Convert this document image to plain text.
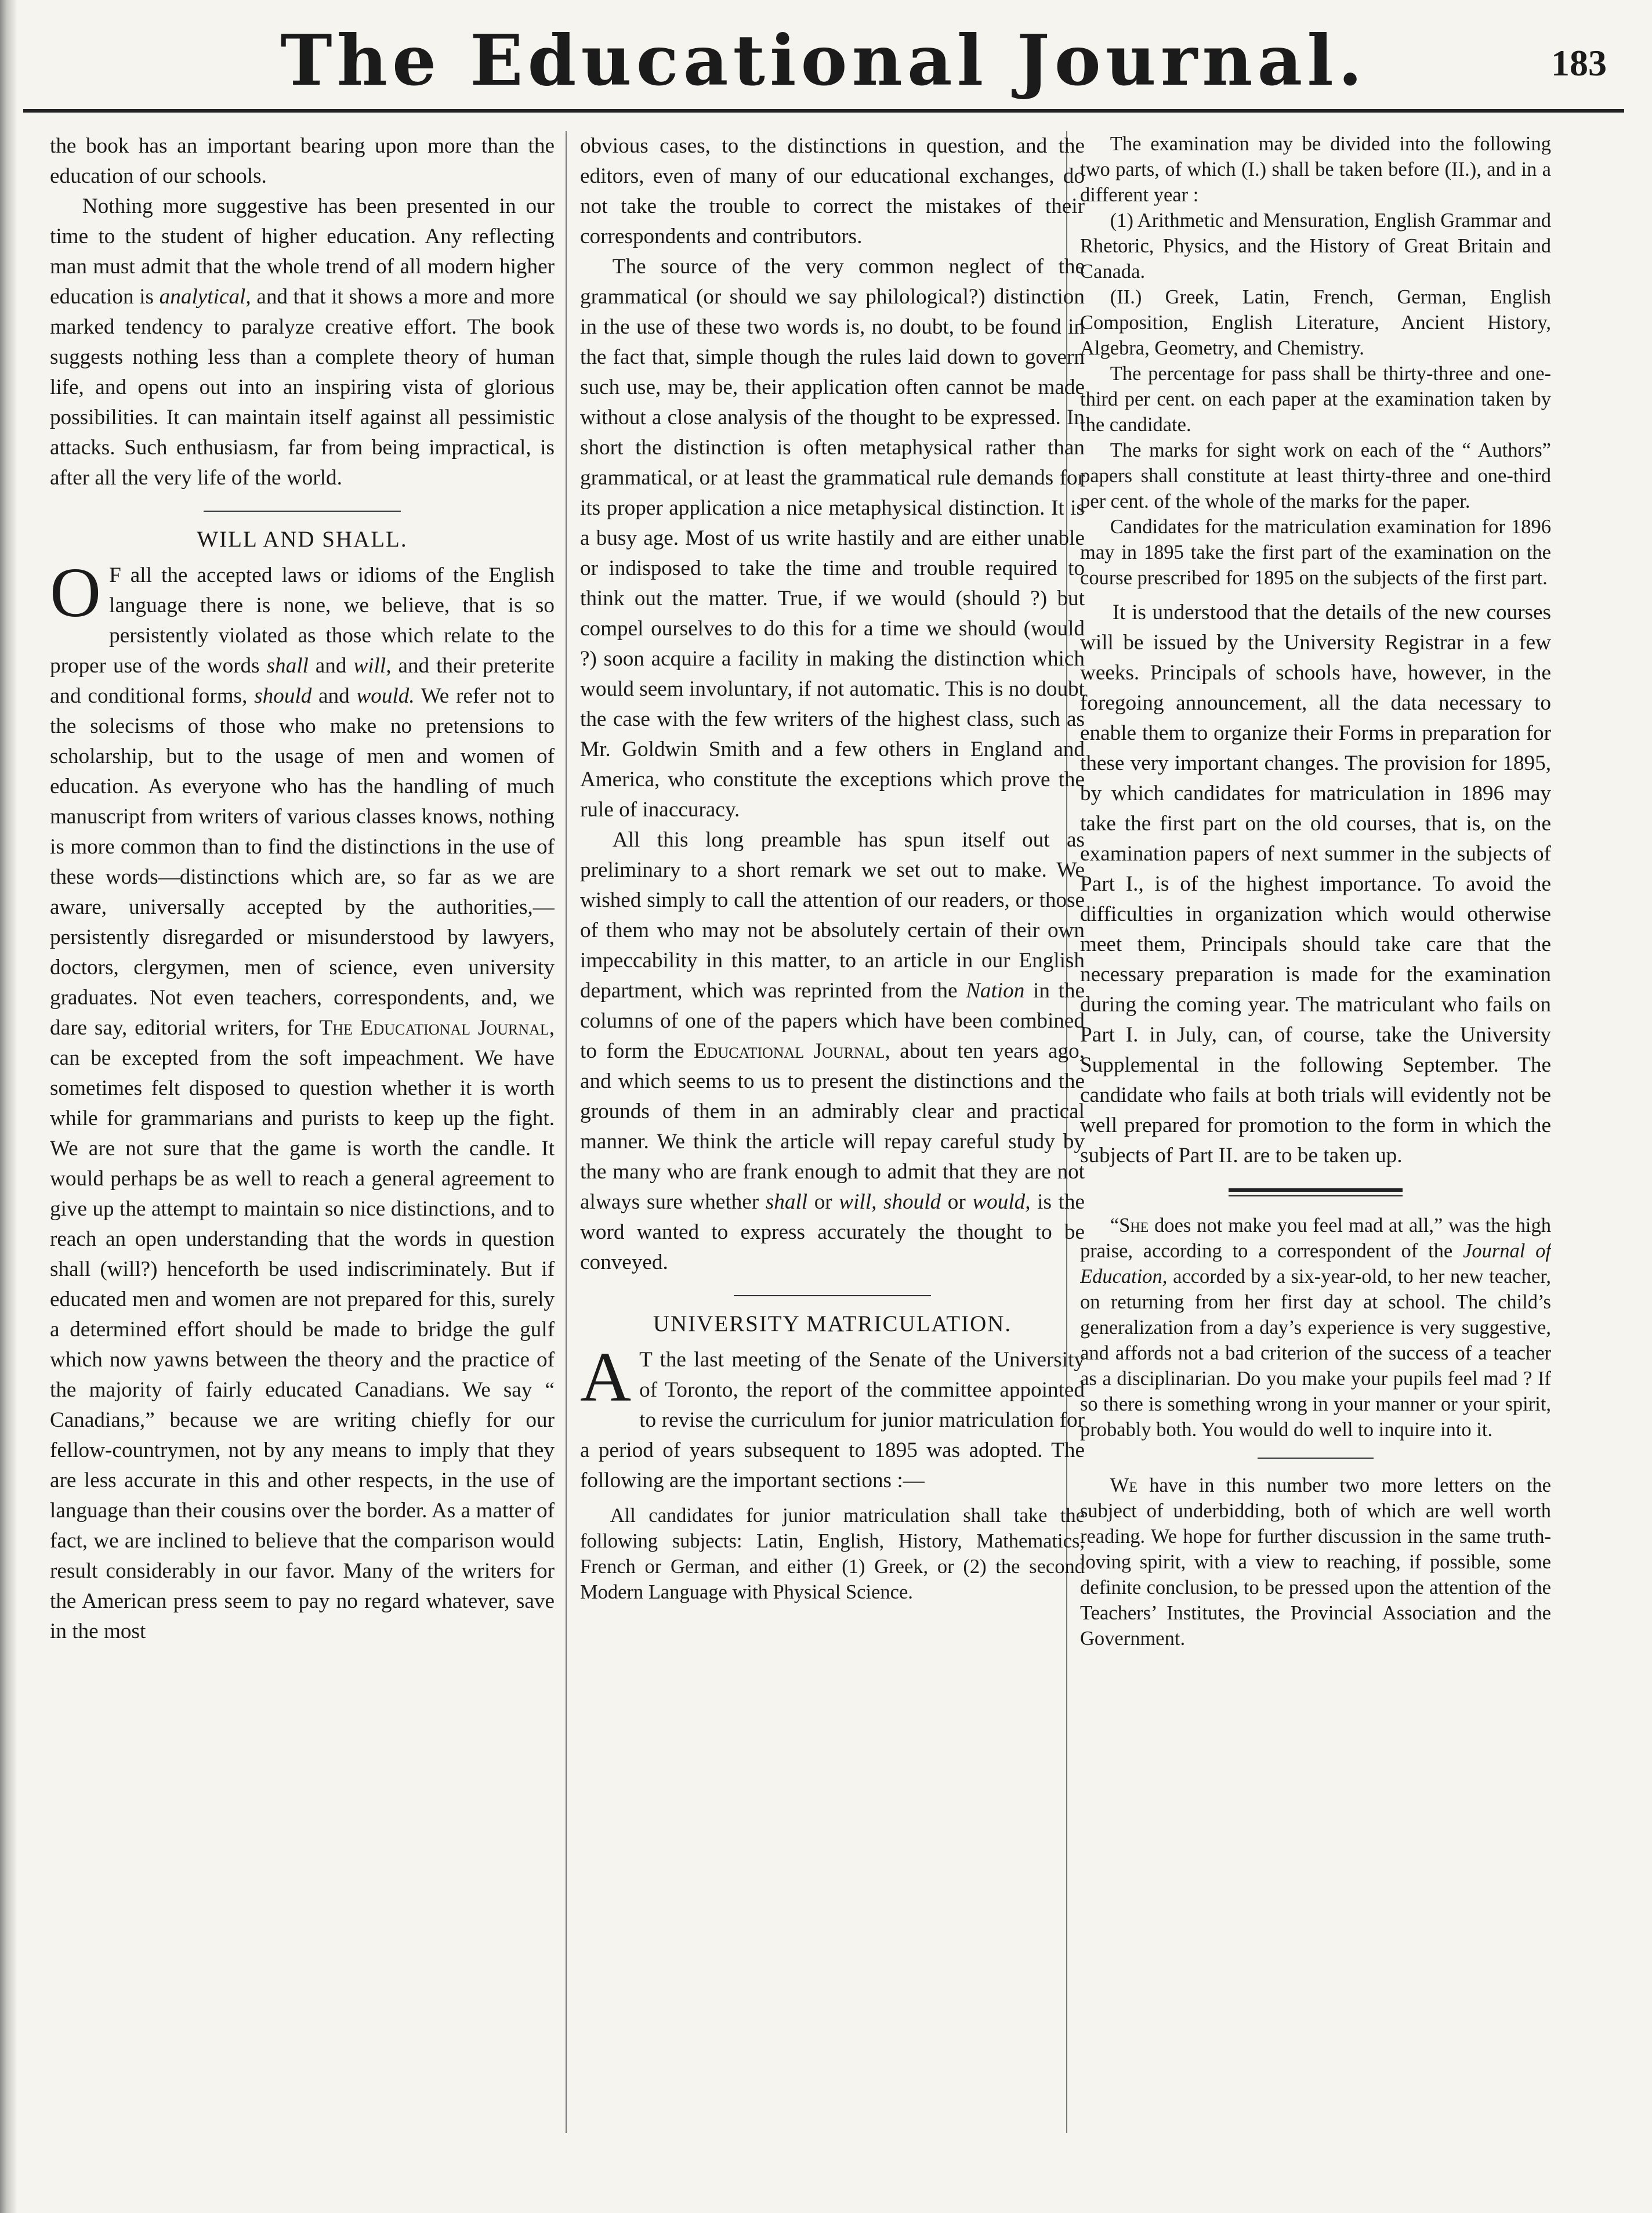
The Educational Journal.	183

the book has an important bearing upon more than the education of our schools.

Nothing more suggestive has been presented in our time to the student of higher education. Any reflecting man must admit that the whole trend of all modern higher education is analytical, and that it shows a more and more marked tendency to paralyze creative effort. The book suggests nothing less than a complete theory of human life, and opens out into an inspiring vista of glorious possibilities. It can maintain itself against all pessimistic attacks. Such enthusiasm, far from being impractical, is after all the very life of the world.

WILL AND SHALL.

O F all the accepted laws or idioms of the English language there is none, we believe, that is so persistently violated as those which relate to the proper use of the words shall and will, and their preterite and conditional forms, should and would. We refer not to the solecisms of those who make no pretensions to scholarship, but to the usage of men and women of education. As everyone who has the handling of much manuscript from writers of various classes knows, nothing is more common than to find the distinctions in the use of these words—distinctions which are, so far as we are aware, universally accepted by the authorities,—persistently disregarded or misunderstood by lawyers, doctors, clergymen, men of science, even university graduates. Not even teachers, correspondents, and, we dare say, editorial writers, for The Educational Journal, can be excepted from the soft impeachment. We have sometimes felt disposed to question whether it is worth while for grammarians and purists to keep up the fight. We are not sure that the game is worth the candle. It would perhaps be as well to reach a general agreement to give up the attempt to maintain so nice distinctions, and to reach an open understanding that the words in question shall (will?) henceforth be used indiscriminately. But if educated men and women are not prepared for this, surely a determined effort should be made to bridge the gulf which now yawns between the theory and the practice of the majority of fairly educated Canadians. We say “ Canadians,” because we are writing chiefly for our fellow-countrymen, not by any means to imply that they are less accurate in this and other respects, in the use of language than their cousins over the border. As a matter of fact, we are inclined to believe that the comparison would result considerably in our favor. Many of the writers for the American press seem to pay no regard whatever, save in the most

obvious cases, to the distinctions in question, and the editors, even of many of our educational exchanges, do not take the trouble to correct the mistakes of their correspondents and contributors.

The source of the very common neglect of the grammatical (or should we say philological?) distinction in the use of these two words is, no doubt, to be found in the fact that, simple though the rules laid down to govern such use, may be, their application often cannot be made without a close analysis of the thought to be expressed. In short the distinction is often metaphysical rather than grammatical, or at least the grammatical rule demands for its proper application a nice metaphysical distinction. It is a busy age. Most of us write hastily and are either unable or indisposed to take the time and trouble required to think out the matter. True, if we would (should ?) but compel ourselves to do this for a time we should (would ?) soon acquire a facility in making the distinction which would seem involuntary, if not automatic. This is no doubt the case with the few writers of the highest class, such as Mr. Goldwin Smith and a few others in England and America, who constitute the exceptions which prove the rule of inaccuracy.

All this long preamble has spun itself out as preliminary to a short remark we set out to make. We wished simply to call the attention of our readers, or those of them who may not be absolutely certain of their own impeccability in this matter, to an article in our English department, which was reprinted from the Nation in the columns of one of the papers which have been combined to form the Educational Journal, about ten years ago, and which seems to us to present the distinctions and the grounds of them in an admirably clear and practical manner. We think the article will repay careful study by the many who are frank enough to admit that they are not always sure whether shall or will, should or would, is the word wanted to express accurately the thought to be conveyed.

UNIVERSITY MATRICULATION.

A T the last meeting of the Senate of the University of Toronto, the report of the committee appointed to revise the curriculum for junior matriculation for a period of years subsequent to 1895 was adopted. The following are the important sections :—

All candidates for junior matriculation shall take the following subjects: Latin, English, History, Mathematics, French or German, and either (1) Greek, or (2) the second Modern Language with Physical Science.

The examination may be divided into the following two parts, of which (I.) shall be taken before (II.), and in a different year :

(1) Arithmetic and Mensuration, English Grammar and Rhetoric, Physics, and the History of Great Britain and Canada.

(II.) Greek, Latin, French, German, English Composition, English Literature, Ancient History, Algebra, Geometry, and Chemistry.

The percentage for pass shall be thirty-three and one-third per cent. on each paper at the examination taken by the candidate.

The marks for sight work on each of the “ Authors” papers shall constitute at least thirty-three and one-third per cent. of the whole of the marks for the paper.

Candidates for the matriculation examination for 1896 may in 1895 take the first part of the examination on the course prescribed for 1895 on the subjects of the first part.

It is understood that the details of the new courses will be issued by the University Registrar in a few weeks. Principals of schools have, however, in the foregoing announcement, all the data necessary to enable them to organize their Forms in preparation for these very important changes. The provision for 1895, by which candidates for matriculation in 1896 may take the first part on the old courses, that is, on the examination papers of next summer in the subjects of Part I., is of the highest importance. To avoid the difficulties in organization which would otherwise meet them, Principals should take care that the necessary preparation is made for the examination during the coming year. The matriculant who fails on Part I. in July, can, of course, take the University Supplemental in the following September. The candidate who fails at both trials will evidently not be well prepared for promotion to the form in which the subjects of Part II. are to be taken up.

“She does not make you feel mad at all,” was the high praise, according to a correspondent of the Journal of Education, accorded by a six-year-old, to her new teacher, on returning from her first day at school. The child’s generalization from a day’s experience is very suggestive, and affords not a bad criterion of the success of a teacher as a disciplinarian. Do you make your pupils feel mad ? If so there is something wrong in your manner or your spirit, probably both. You would do well to inquire into it.

We have in this number two more letters on the subject of underbidding, both of which are well worth reading. We hope for further discussion in the same truth-loving spirit, with a view to reaching, if possible, some definite conclusion, to be pressed upon the attention of the Teachers’ Institutes, the Provincial Association and the Government.
